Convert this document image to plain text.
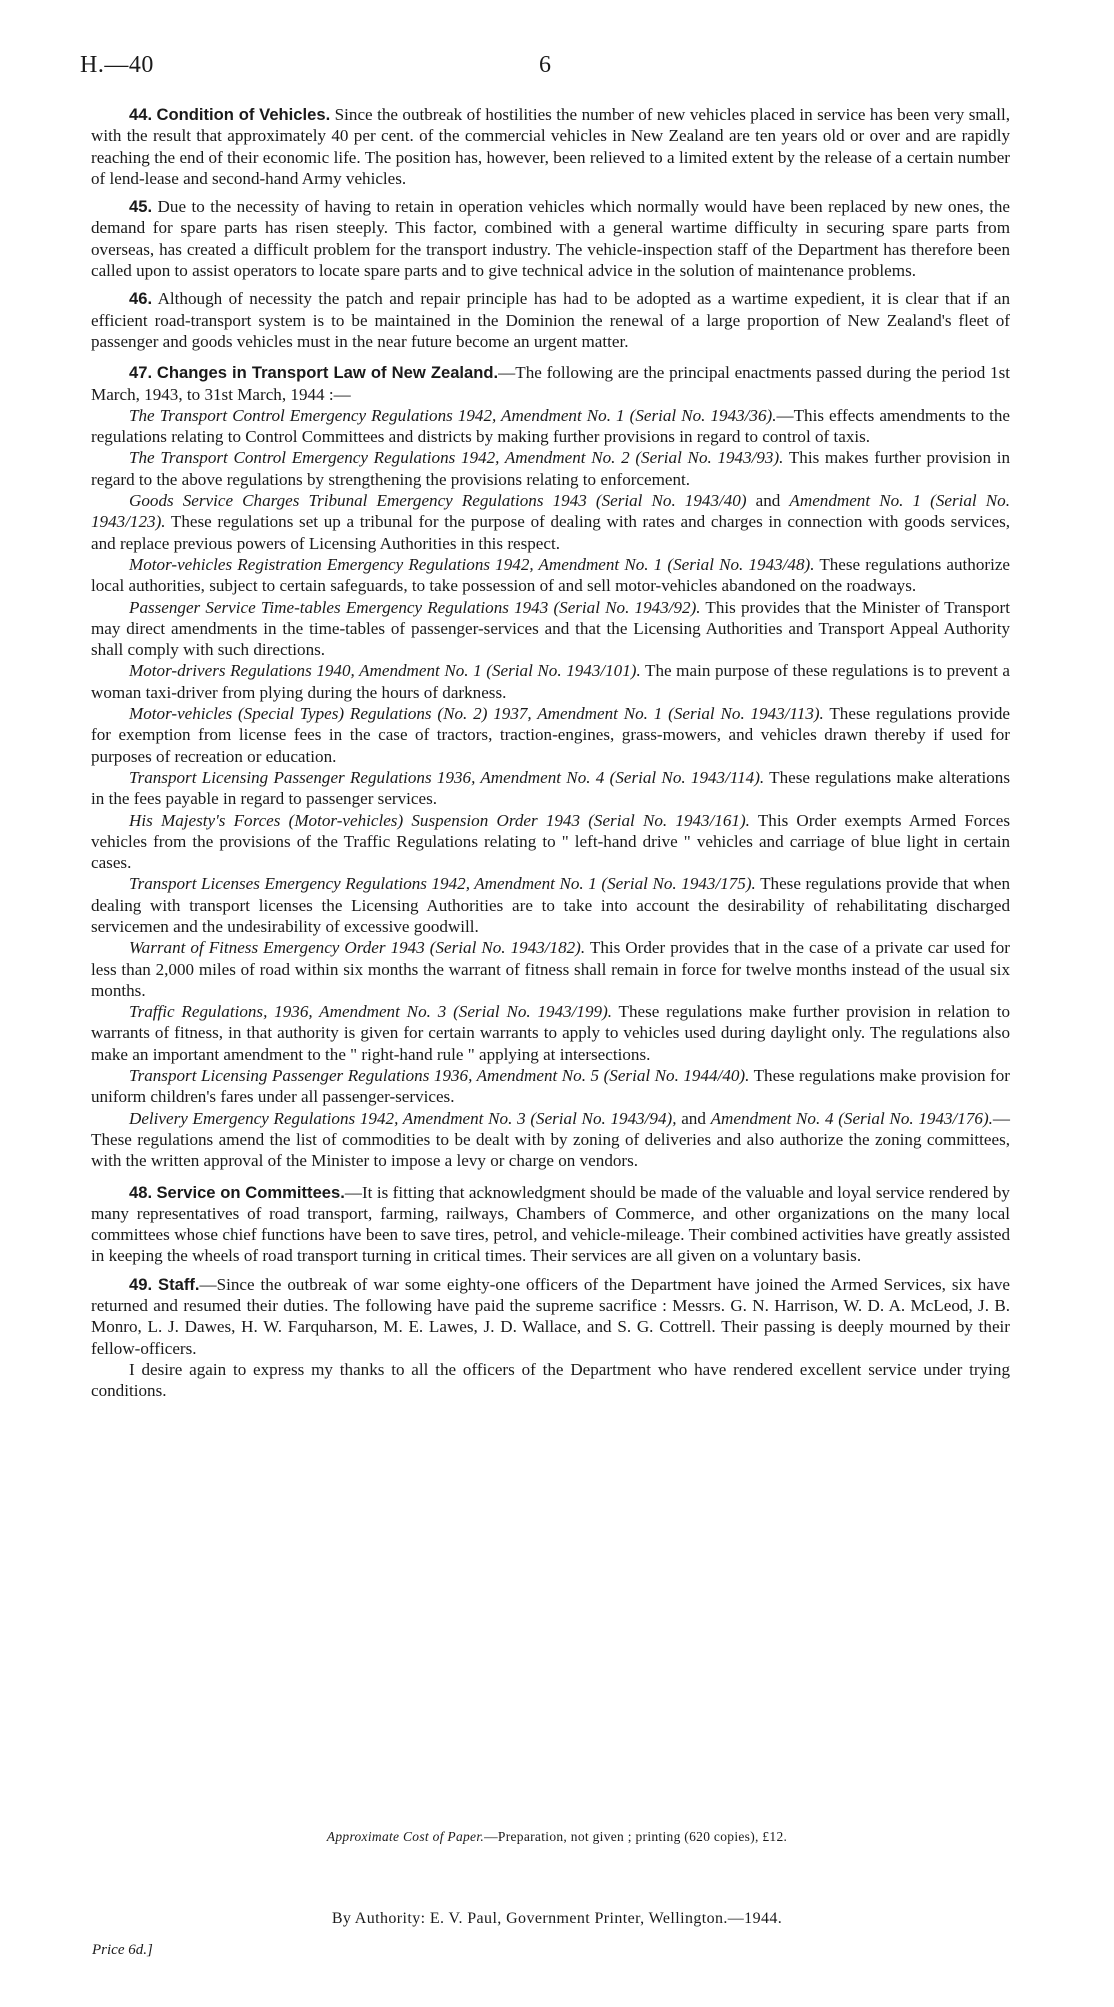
H.—40	6

44. Condition of Vehicles. Since the outbreak of hostilities the number of new vehicles placed in service has been very small, with the result that approximately 40 per cent. of the commercial vehicles in New Zealand are ten years old or over and are rapidly reaching the end of their economic life. The position has, however, been relieved to a limited extent by the release of a certain number of lend-lease and second-hand Army vehicles.

45. Due to the necessity of having to retain in operation vehicles which normally would have been replaced by new ones, the demand for spare parts has risen steeply. This factor, combined with a general wartime difficulty in securing spare parts from overseas, has created a difficult problem for the transport industry. The vehicle-inspection staff of the Department has therefore been called upon to assist operators to locate spare parts and to give technical advice in the solution of maintenance problems.

46. Although of necessity the patch and repair principle has had to be adopted as a wartime expedient, it is clear that if an efficient road-transport system is to be maintained in the Dominion the renewal of a large proportion of New Zealand's fleet of passenger and goods vehicles must in the near future become an urgent matter.

47. Changes in Transport Law of New Zealand.—The following are the principal enactments passed during the period 1st March, 1943, to 31st March, 1944 :—

The Transport Control Emergency Regulations 1942, Amendment No. 1 (Serial No. 1943/36).—This effects amendments to the regulations relating to Control Committees and districts by making further provisions in regard to control of taxis.

The Transport Control Emergency Regulations 1942, Amendment No. 2 (Serial No. 1943/93). This makes further provision in regard to the above regulations by strengthening the provisions relating to enforcement.

Goods Service Charges Tribunal Emergency Regulations 1943 (Serial No. 1943/40) and Amendment No. 1 (Serial No. 1943/123). These regulations set up a tribunal for the purpose of dealing with rates and charges in connection with goods services, and replace previous powers of Licensing Authorities in this respect.

Motor-vehicles Registration Emergency Regulations 1942, Amendment No. 1 (Serial No. 1943/48). These regulations authorize local authorities, subject to certain safeguards, to take possession of and sell motor-vehicles abandoned on the roadways.

Passenger Service Time-tables Emergency Regulations 1943 (Serial No. 1943/92). This provides that the Minister of Transport may direct amendments in the time-tables of passenger-services and that the Licensing Authorities and Transport Appeal Authority shall comply with such directions.

Motor-drivers Regulations 1940, Amendment No. 1 (Serial No. 1943/101). The main purpose of these regulations is to prevent a woman taxi-driver from plying during the hours of darkness.

Motor-vehicles (Special Types) Regulations (No. 2) 1937, Amendment No. 1 (Serial No. 1943/113). These regulations provide for exemption from license fees in the case of tractors, traction-engines, grass-mowers, and vehicles drawn thereby if used for purposes of recreation or education.

Transport Licensing Passenger Regulations 1936, Amendment No. 4 (Serial No. 1943/114). These regulations make alterations in the fees payable in regard to passenger services.

His Majesty's Forces (Motor-vehicles) Suspension Order 1943 (Serial No. 1943/161). This Order exempts Armed Forces vehicles from the provisions of the Traffic Regulations relating to " left-hand drive " vehicles and carriage of blue light in certain cases.

Transport Licenses Emergency Regulations 1942, Amendment No. 1 (Serial No. 1943/175). These regulations provide that when dealing with transport licenses the Licensing Authorities are to take into account the desirability of rehabilitating discharged servicemen and the undesirability of excessive goodwill.

Warrant of Fitness Emergency Order 1943 (Serial No. 1943/182). This Order provides that in the case of a private car used for less than 2,000 miles of road within six months the warrant of fitness shall remain in force for twelve months instead of the usual six months.

Traffic Regulations, 1936, Amendment No. 3 (Serial No. 1943/199). These regulations make further provision in relation to warrants of fitness, in that authority is given for certain warrants to apply to vehicles used during daylight only. The regulations also make an important amendment to the " right-hand rule " applying at intersections.

Transport Licensing Passenger Regulations 1936, Amendment No. 5 (Serial No. 1944/40). These regulations make provision for uniform children's fares under all passenger-services.

Delivery Emergency Regulations 1942, Amendment No. 3 (Serial No. 1943/94), and Amendment No. 4 (Serial No. 1943/176).—These regulations amend the list of commodities to be dealt with by zoning of deliveries and also authorize the zoning committees, with the written approval of the Minister to impose a levy or charge on vendors.

48. Service on Committees.—It is fitting that acknowledgment should be made of the valuable and loyal service rendered by many representatives of road transport, farming, railways, Chambers of Commerce, and other organizations on the many local committees whose chief functions have been to save tires, petrol, and vehicle-mileage. Their combined activities have greatly assisted in keeping the wheels of road transport turning in critical times. Their services are all given on a voluntary basis.

49. Staff.—Since the outbreak of war some eighty-one officers of the Department have joined the Armed Services, six have returned and resumed their duties. The following have paid the supreme sacrifice : Messrs. G. N. Harrison, W. D. A. McLeod, J. B. Monro, L. J. Dawes, H. W. Farquharson, M. E. Lawes, J. D. Wallace, and S. G. Cottrell. Their passing is deeply mourned by their fellow-officers.

I desire again to express my thanks to all the officers of the Department who have rendered excellent service under trying conditions.

Approximate Cost of Paper.—Preparation, not given ; printing (620 copies), £12.
By Authority: E. V. Paul, Government Printer, Wellington.—1944.
Price 6d.]
